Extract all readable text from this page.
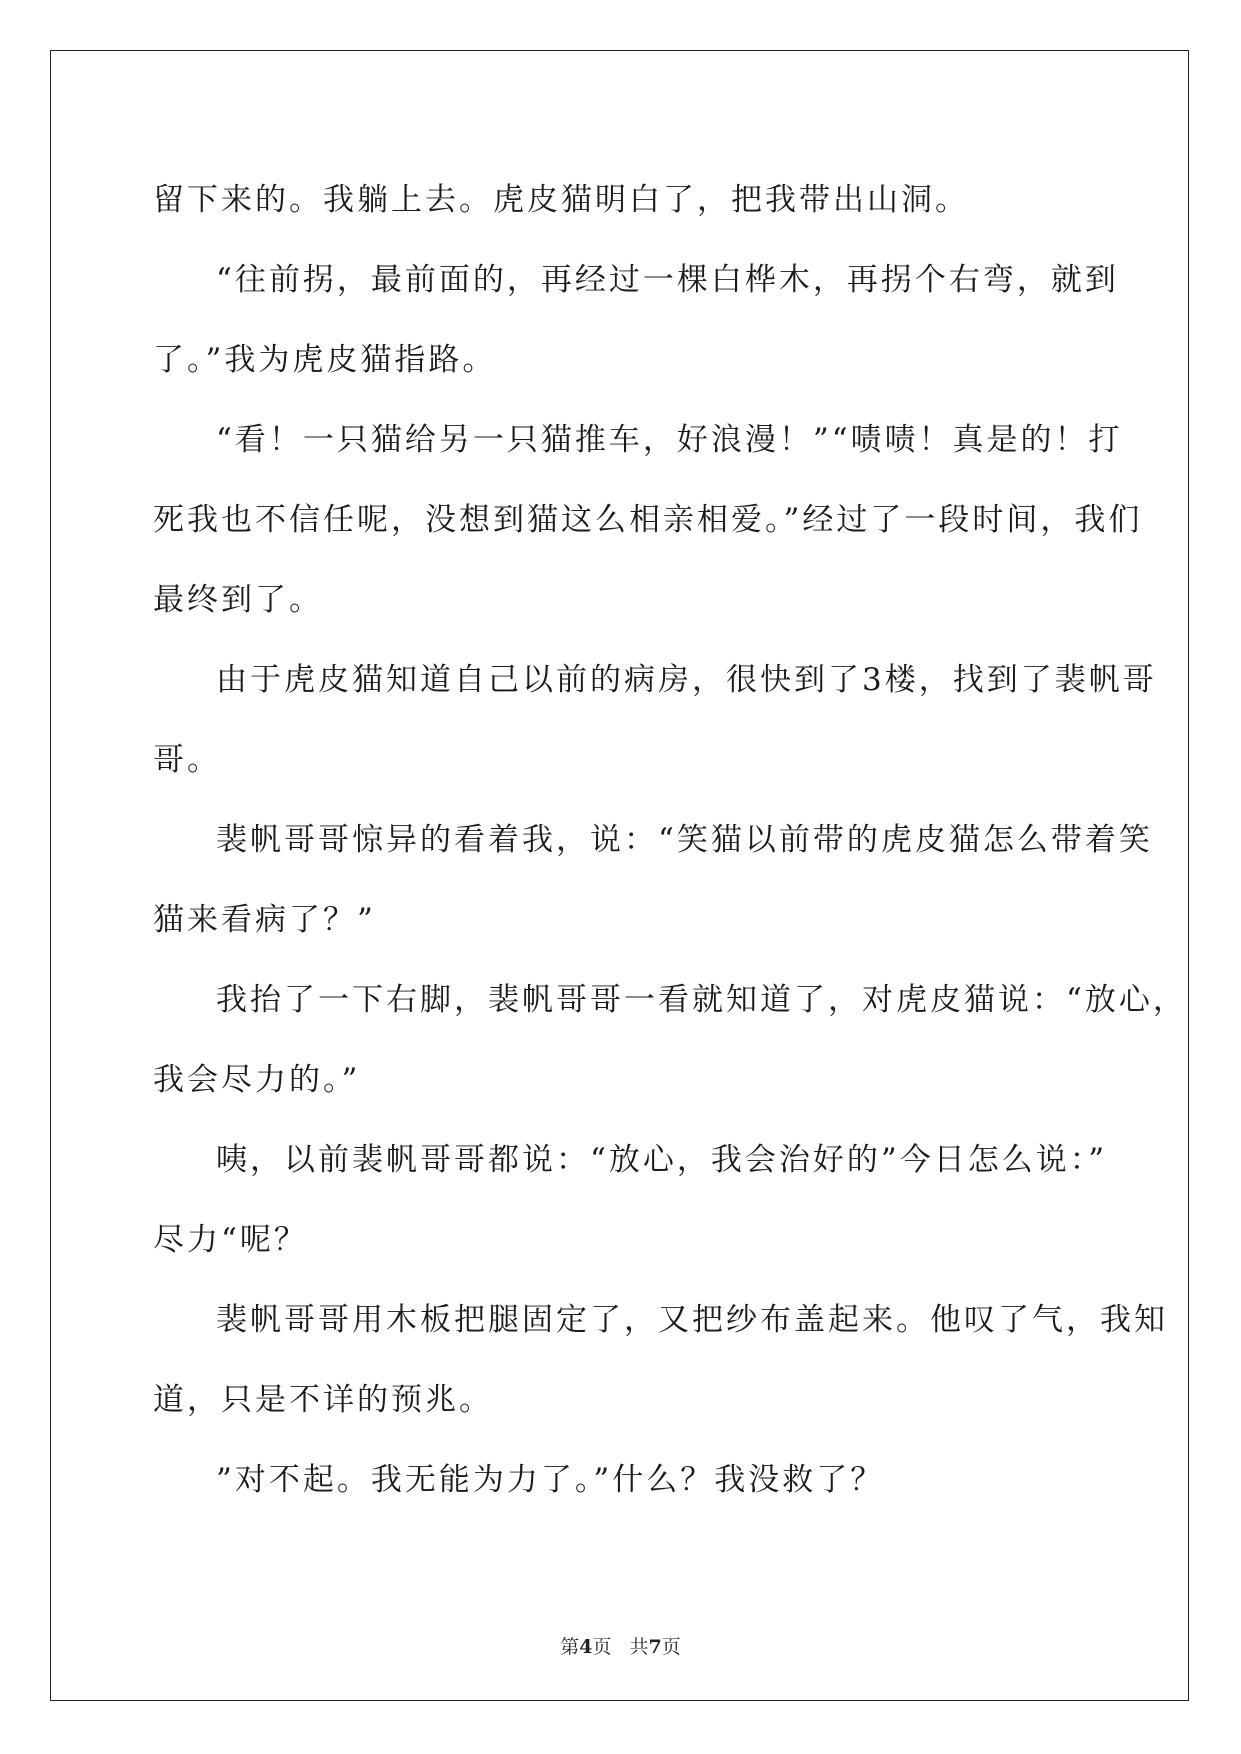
留下来的。我躺上去。虎皮猫明白了，把我带出山洞。
“往前拐，最前面的，再经过一棵白桦木，再拐个右弯，就到
了。”我为虎皮猫指路。
“看！一只猫给另一只猫推车，好浪漫！”“啧啧！真是的！打
死我也不信任呢，没想到猫这么相亲相爱。”经过了一段时间，我们
最终到了。
由于虎皮猫知道自己以前的病房，很快到了3楼，找到了裴帆哥
哥。
裴帆哥哥惊异的看着我，说：“笑猫以前带的虎皮猫怎么带着笑
猫来看病了？”
我抬了一下右脚，裴帆哥哥一看就知道了，对虎皮猫说：“放心，
我会尽力的。”
咦，以前裴帆哥哥都说：“放心，我会治好的”今日怎么说：”
尽力“呢？
裴帆哥哥用木板把腿固定了，又把纱布盖起来。他叹了气，我知
道，只是不详的预兆。
”对不起。我无能为力了。”什么？我没救了？
第4页 共7页
